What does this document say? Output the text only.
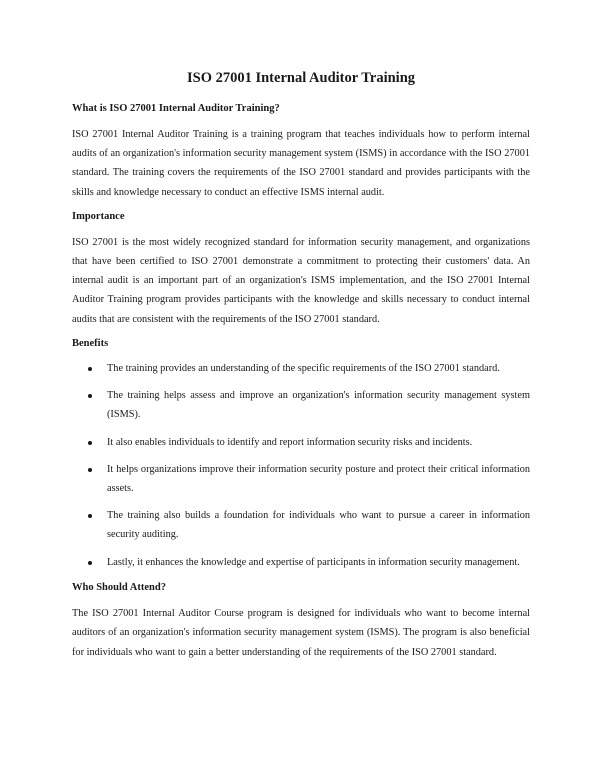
ISO 27001 Internal Auditor Training
What is ISO 27001 Internal Auditor Training?

ISO 27001 Internal Auditor Training is a training program that teaches individuals how to perform internal audits of an organization's information security management system (ISMS) in accordance with the ISO 27001 standard. The training covers the requirements of the ISO 27001 standard and provides participants with the skills and knowledge necessary to conduct an effective ISMS internal audit.

Importance

ISO 27001 is the most widely recognized standard for information security management, and organizations that have been certified to ISO 27001 demonstrate a commitment to protecting their customers' data. An internal audit is an important part of an organization's ISMS implementation, and the ISO 27001 Internal Auditor Training program provides participants with the knowledge and skills necessary to conduct internal audits that are consistent with the requirements of the ISO 27001 standard.

Benefits
The training provides an understanding of the specific requirements of the ISO 27001 standard.
The training helps assess and improve an organization's information security management system (ISMS).
It also enables individuals to identify and report information security risks and incidents.
It helps organizations improve their information security posture and protect their critical information assets.
The training also builds a foundation for individuals who want to pursue a career in information security auditing.
Lastly, it enhances the knowledge and expertise of participants in information security management.
Who Should Attend?

The ISO 27001 Internal Auditor Course program is designed for individuals who want to become internal auditors of an organization's information security management system (ISMS). The program is also beneficial for individuals who want to gain a better understanding of the requirements of the ISO 27001 standard.
